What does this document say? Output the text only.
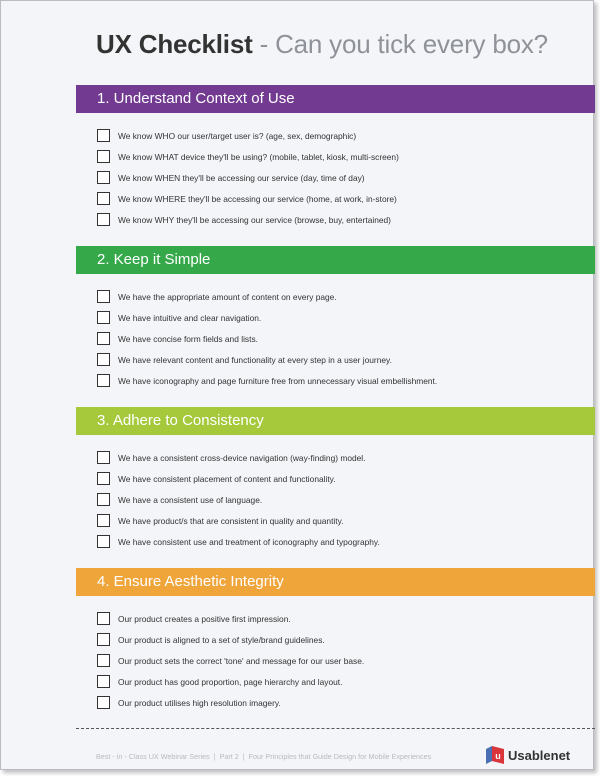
UX Checklist - Can you tick every box?
1. Understand Context of Use
We know WHO our user/target user is? (age, sex, demographic)
We know WHAT device they'll be using? (mobile, tablet, kiosk, multi-screen)
We know WHEN they'll be accessing our service (day, time of day)
We know WHERE they'll be accessing our service (home, at work, in-store)
We know WHY they'll be accessing our service (browse, buy, entertained)
2. Keep it Simple
We have the appropriate amount of content on every page.
We have intuitive and clear navigation.
We have concise form fields and lists.
We have relevant content and functionality at every step in a user journey.
We have iconography and page furniture free from unnecessary visual embellishment.
3. Adhere to Consistency
We have a consistent cross-device navigation (way-finding) model.
We have consistent placement of content and functionality.
We have a consistent use of language.
We have product/s that are consistent in quality and quantity.
We have consistent use and treatment of iconography and typography.
4. Ensure Aesthetic Integrity
Our product creates a positive first impression.
Our product is aligned to a set of style/brand guidelines.
Our product sets the correct 'tone' and message for our user base.
Our product has good proportion, page hierarchy and layout.
Our product utilises high resolution imagery.
Best - in - Class UX Webinar Series | Part 2 | Four Principles that Guide Design for Mobile Experiences	u Usablenet
